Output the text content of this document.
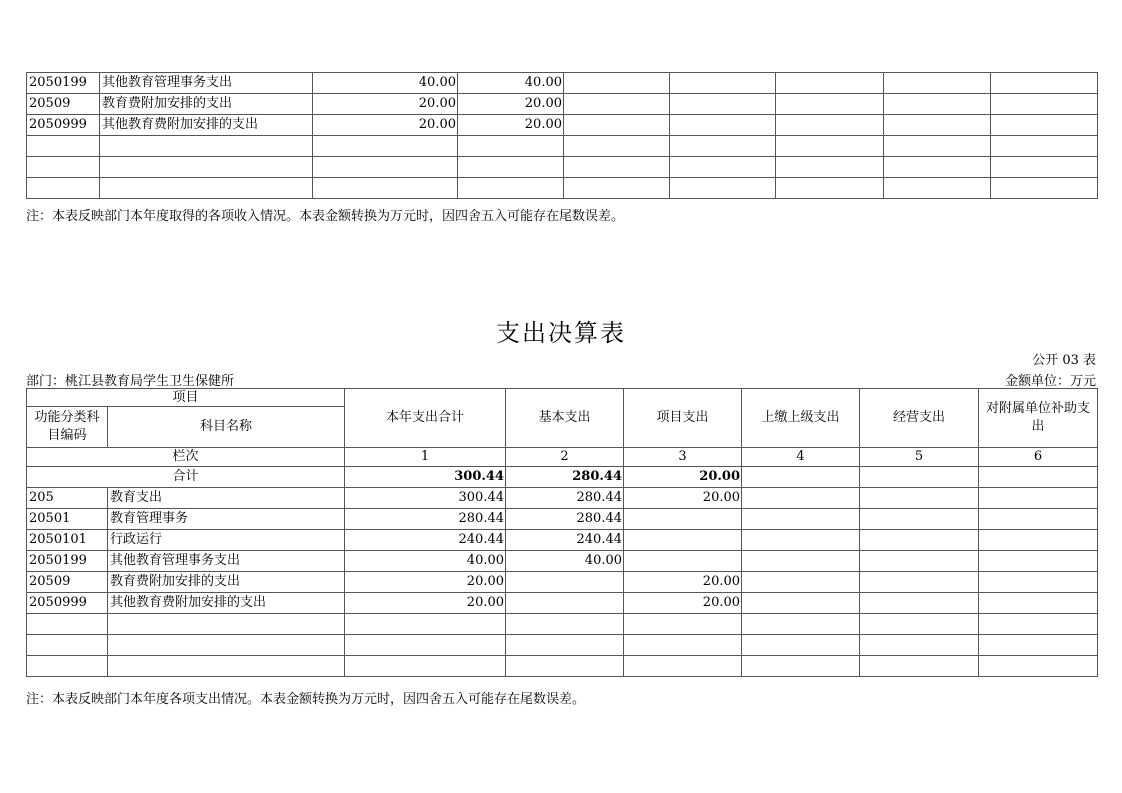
2050199	其他教育管理事务支出	40.00	40.00					
20509	教育费附加安排的支出	20.00	20.00					
2050999	其他教育费附加安排的支出	20.00	20.00					

注：本表反映部门本年度取得的各项收入情况。本表金额转换为万元时，因四舍五入可能存在尾数误差。
支出决算表
公开 03 表
部门：桃江县教育局学生卫生保健所	金额单位：万元
项目		本年支出合计	基本支出	项目支出	上缴上级支出	经营支出	对附属单位补助支出
功能分类科目编码	科目名称						
栏次		1	2	3	4	5	6
合计		300.44	280.44	20.00			
205	教育支出	300.44	280.44	20.00			
20501	教育管理事务	280.44	280.44				
2050101	行政运行	240.44	240.44				
2050199	其他教育管理事务支出	40.00	40.00				
20509	教育费附加安排的支出	20.00		20.00			
2050999	其他教育费附加安排的支出	20.00		20.00			

注：本表反映部门本年度各项支出情况。本表金额转换为万元时，因四舍五入可能存在尾数误差。
